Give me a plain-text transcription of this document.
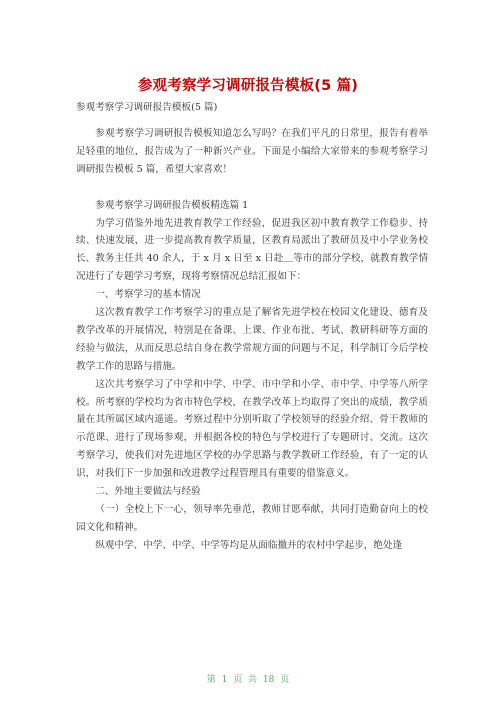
参观考察学习调研报告模板(5 篇)
参观考察学习调研报告模板(5 篇)

参观考察学习调研报告模板知道怎么写吗？在我们平凡的日常里，报告有着举足轻重的地位，报告成为了一种新兴产业。下面是小编给大家带来的参观考察学习调研报告模板 5 篇，希望大家喜欢！

参观考察学习调研报告模板精选篇 1

为学习借鉴外地先进教育教学工作经验，促进我区初中教育教学工作稳步、持续、快速发展，进一步提高教育教学质量，区教育局派出了教研员及中小学业务校长、教务主任共 40 余人，于 x 月 x 日至 x 日赴＿等市的部分学校，就教育教学情况进行了专题学习考察，现将考察情况总结汇报如下：

一、考察学习的基本情况

这次教育教学工作考察学习的重点是了解省先进学校在校园文化建设、德育及教学改革的开展情况，特别是在备课、上课、作业布批、考试、教研科研等方面的经验与做法，从而反思总结自身在教学常规方面的问题与不足，科学制订今后学校教学工作的思路与措施。

这次共考察学习了中学和中学、中学、市中学和小学、市中学、中学等八所学校。所考察的学校均为省市特色学校，在教学改革上均取得了突出的成绩，教学质量在其所属区域内遥遥。考察过程中分别听取了学校领导的经验介绍、骨干教师的示范课、进行了现场参观，并根据各校的特色与学校进行了专题研讨、交流。这次考察学习，使我们对先进地区学校的办学思路与教学教研工作经验，有了一定的认识，对我们下一步加强和改进教学过程管理具有重要的借鉴意义。

二、外地主要做法与经验

（一）全校上下一心，领导率先垂范，教师甘愿奉献，共同打造勤奋向上的校园文化和精神。

纵观中学、中学、中学、中学等均是从面临撤并的农村中学起步，绝处逢

第 1 页 共 18 页
